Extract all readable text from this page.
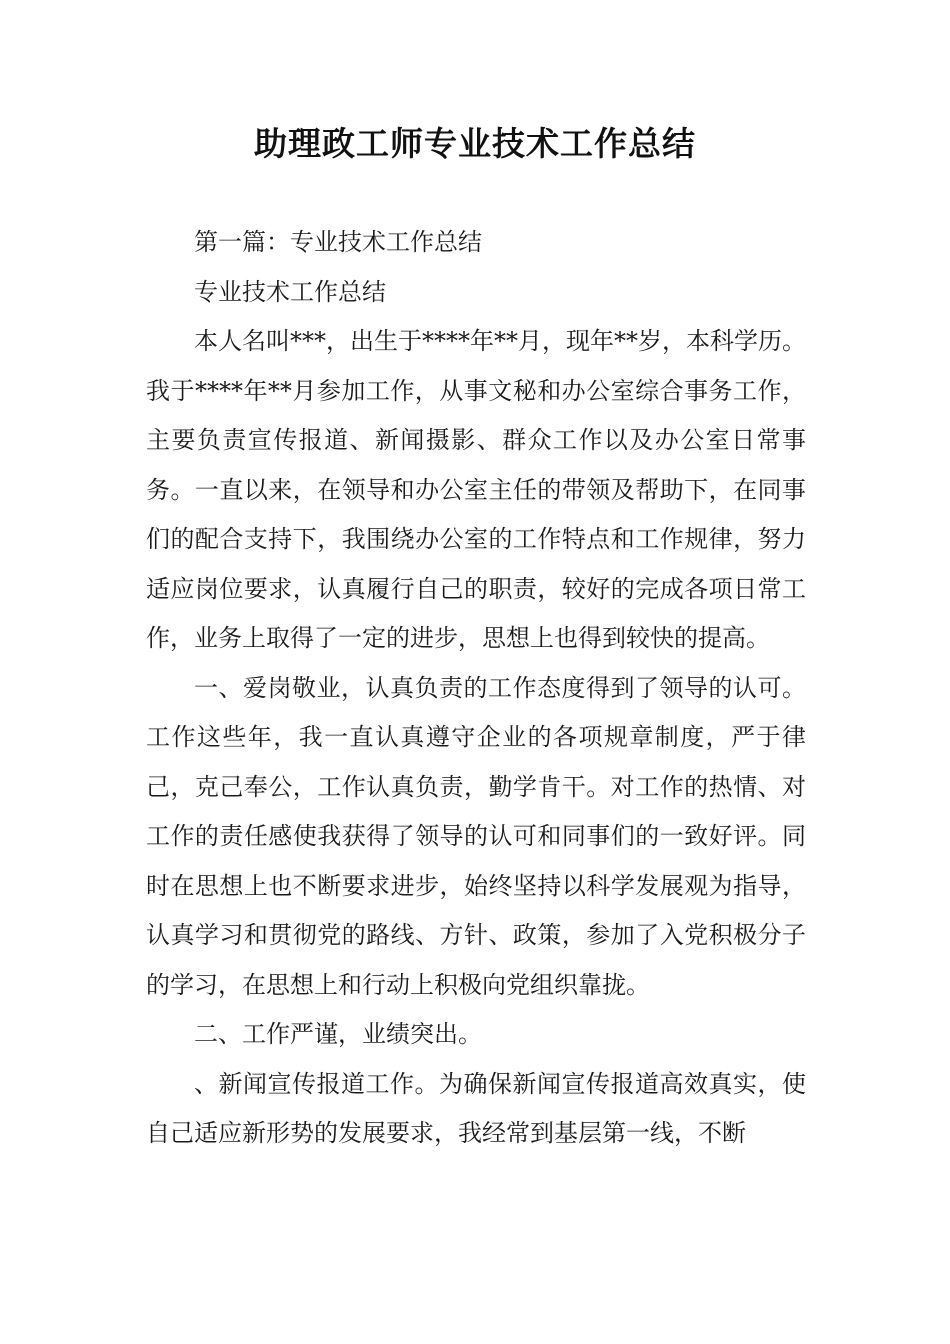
助理政工师专业技术工作总结

第一篇：专业技术工作总结

专业技术工作总结

本人名叫***，出生于****年**月，现年**岁，本科学历。我于****年**月参加工作，从事文秘和办公室综合事务工作，主要负责宣传报道、新闻摄影、群众工作以及办公室日常事务。一直以来，在领导和办公室主任的带领及帮助下，在同事们的配合支持下，我围绕办公室的工作特点和工作规律，努力适应岗位要求，认真履行自己的职责，较好的完成各项日常工作，业务上取得了一定的进步，思想上也得到较快的提高。

一、爱岗敬业，认真负责的工作态度得到了领导的认可。工作这些年，我一直认真遵守企业的各项规章制度，严于律己，克己奉公，工作认真负责，勤学肯干。对工作的热情、对工作的责任感使我获得了领导的认可和同事们的一致好评。同时在思想上也不断要求进步，始终坚持以科学发展观为指导，认真学习和贯彻党的路线、方针、政策，参加了入党积极分子的学习，在思想上和行动上积极向党组织靠拢。

二、工作严谨，业绩突出。

、新闻宣传报道工作。为确保新闻宣传报道高效真实，使自己适应新形势的发展要求，我经常到基层第一线，不断
